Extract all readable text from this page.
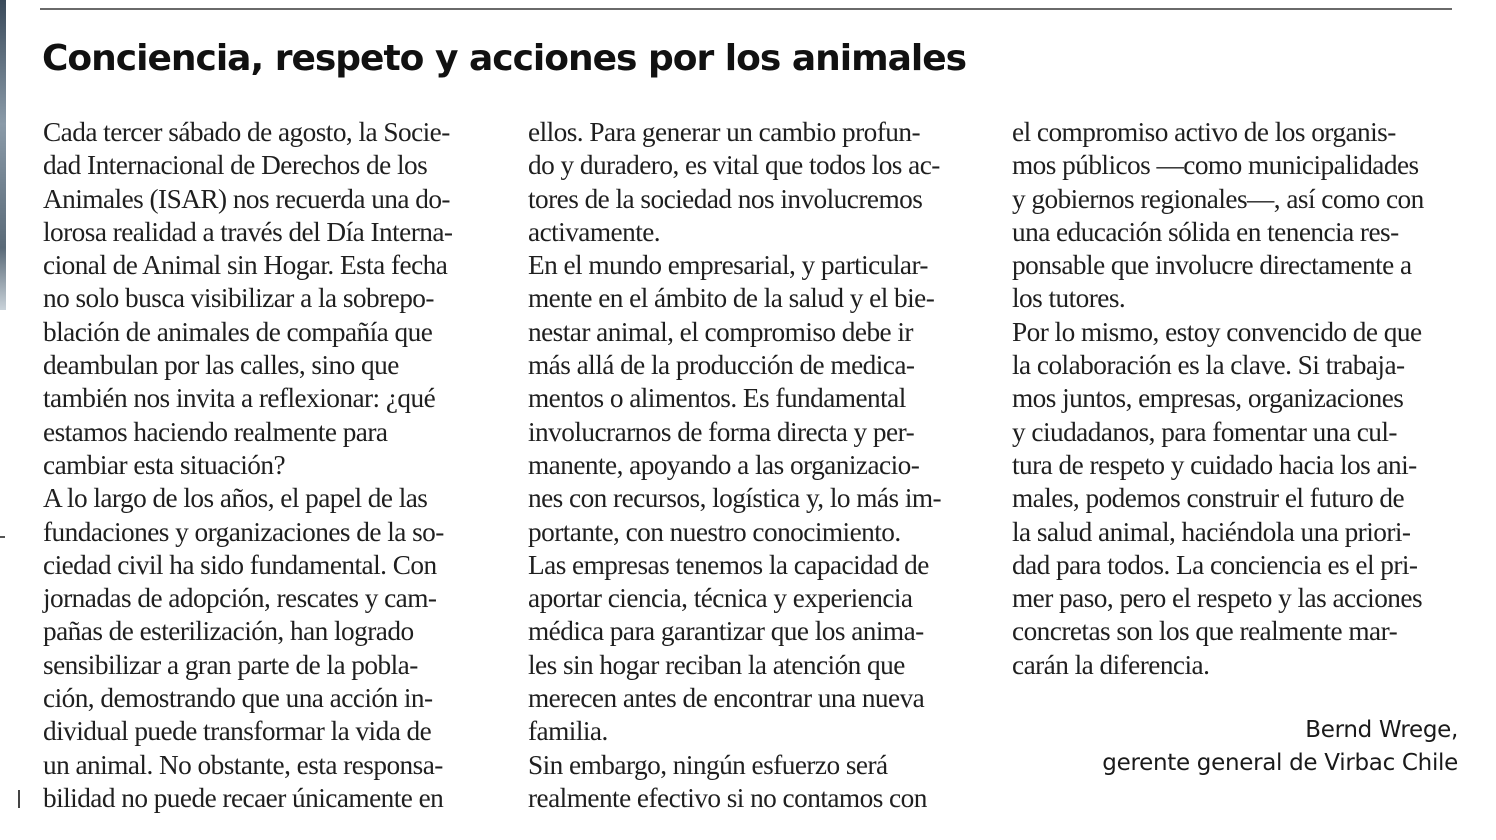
Conciencia, respeto y acciones por los animales
Cada tercer sábado de agosto, la Socie-
dad Internacional de Derechos de los
Animales (ISAR) nos recuerda una do-
lorosa realidad a través del Día Interna-
cional de Animal sin Hogar. Esta fecha
no solo busca visibilizar a la sobrepo-
blación de animales de compañía que
deambulan por las calles, sino que
también nos invita a reflexionar: ¿qué
estamos haciendo realmente para
cambiar esta situación?
A lo largo de los años, el papel de las
fundaciones y organizaciones de la so-
ciedad civil ha sido fundamental. Con
jornadas de adopción, rescates y cam-
pañas de esterilización, han logrado
sensibilizar a gran parte de la pobla-
ción, demostrando que una acción in-
dividual puede transformar la vida de
un animal. No obstante, esta responsa-
bilidad no puede recaer únicamente en
ellos. Para generar un cambio profun-
do y duradero, es vital que todos los ac-
tores de la sociedad nos involucremos
activamente.
En el mundo empresarial, y particular-
mente en el ámbito de la salud y el bie-
nestar animal, el compromiso debe ir
más allá de la producción de medica-
mentos o alimentos. Es fundamental
involucrarnos de forma directa y per-
manente, apoyando a las organizacio-
nes con recursos, logística y, lo más im-
portante, con nuestro conocimiento.
Las empresas tenemos la capacidad de
aportar ciencia, técnica y experiencia
médica para garantizar que los anima-
les sin hogar reciban la atención que
merecen antes de encontrar una nueva
familia.
Sin embargo, ningún esfuerzo será
realmente efectivo si no contamos con
el compromiso activo de los organis-
mos públicos —como municipalidades
y gobiernos regionales—, así como con
una educación sólida en tenencia res-
ponsable que involucre directamente a
los tutores.
Por lo mismo, estoy convencido de que
la colaboración es la clave. Si trabaja-
mos juntos, empresas, organizaciones
y ciudadanos, para fomentar una cul-
tura de respeto y cuidado hacia los ani-
males, podemos construir el futuro de
la salud animal, haciéndola una priori-
dad para todos. La conciencia es el pri-
mer paso, pero el respeto y las acciones
concretas son los que realmente mar-
carán la diferencia.
Bernd Wrege,
gerente general de Virbac Chile
